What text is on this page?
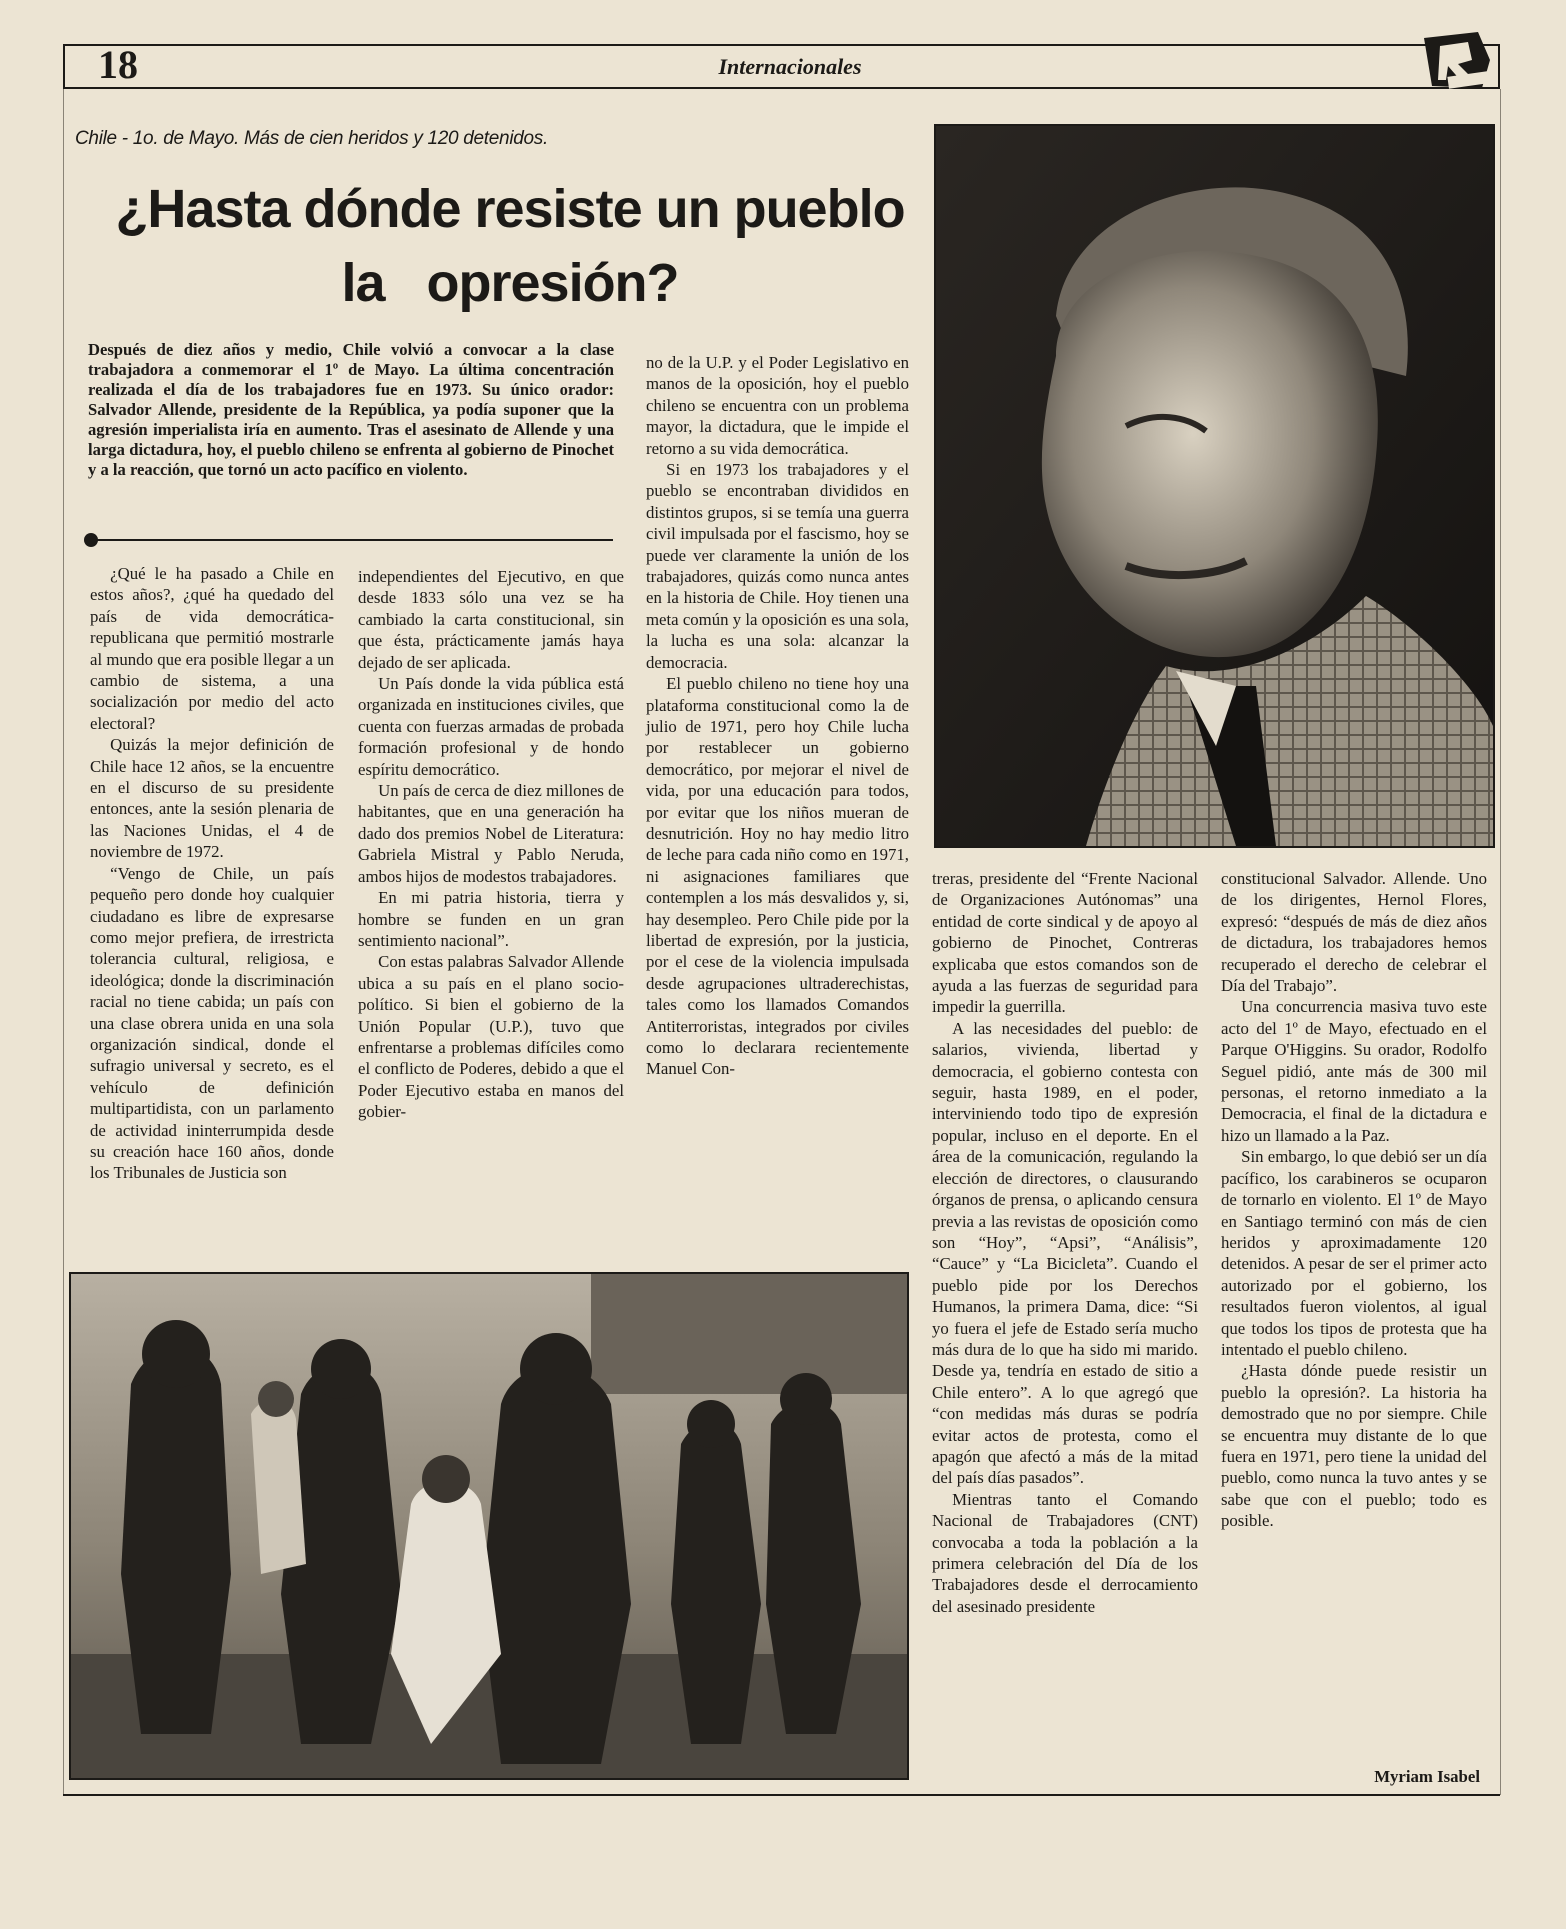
18	Internacionales
Chile - 1o. de Mayo. Más de cien heridos y 120 detenidos.
¿Hasta dónde resiste un pueblo
la   opresión?

Después de diez años y medio, Chile volvió a convocar a la clase trabajadora a conmemorar el 1º de Mayo. La última concentración realizada el día de los trabajadores fue en 1973. Su único orador: Salvador Allende, presidente de la República, ya podía suponer que la agresión imperialista iría en aumento. Tras el asesinato de Allende y una larga dictadura, hoy, el pueblo chileno se enfrenta al gobierno de Pinochet y a la reacción, que tornó un acto pacífico en violento.

¿Qué le ha pasado a Chile en estos años?, ¿qué ha quedado del país de vida democrática-republicana que permitió mostrarle al mundo que era posible llegar a un cambio de sistema, a una socialización por medio del acto electoral?

Quizás la mejor definición de Chile hace 12 años, se la encuentre en el discurso de su presidente entonces, ante la sesión plenaria de las Naciones Unidas, el 4 de noviembre de 1972.

“Vengo de Chile, un país pequeño pero donde hoy cualquier ciudadano es libre de expresarse como mejor prefiera, de irrestricta tolerancia cultural, religiosa, e ideológica; donde la discriminación racial no tiene cabida; un país con una clase obrera unida en una sola organización sindical, donde el sufragio universal y secreto, es el vehículo de definición multipartidista, con un parlamento de actividad ininterrumpida desde su creación hace 160 años, donde los Tribunales de Justicia son

independientes del Ejecutivo, en que desde 1833 sólo una vez se ha cambiado la carta constitucional, sin que ésta, prácticamente jamás haya dejado de ser aplicada.

Un País donde la vida pública está organizada en instituciones civiles, que cuenta con fuerzas armadas de probada formación profesional y de hondo espíritu democrático.

Un país de cerca de diez millones de habitantes, que en una generación ha dado dos premios Nobel de Literatura: Gabriela Mistral y Pablo Neruda, ambos hijos de modestos trabajadores.

En mi patria historia, tierra y hombre se funden en un gran sentimiento nacional”.

Con estas palabras Salvador Allende ubica a su país en el plano socio-político. Si bien el gobierno de la Unión Popular (U.P.), tuvo que enfrentarse a problemas difíciles como el conflicto de Poderes, debido a que el Poder Ejecutivo estaba en manos del gobier-

no de la U.P. y el Poder Legislativo en manos de la oposición, hoy el pueblo chileno se encuentra con un problema mayor, la dictadura, que le impide el retorno a su vida democrática.

Si en 1973 los trabajadores y el pueblo se encontraban divididos en distintos grupos, si se temía una guerra civil impulsada por el fascismo, hoy se puede ver claramente la unión de los trabajadores, quizás como nunca antes en la historia de Chile. Hoy tienen una meta común y la oposición es una sola, la lucha es una sola: alcanzar la democracia.

El pueblo chileno no tiene hoy una plataforma constitucional como la de julio de 1971, pero hoy Chile lucha por restablecer un gobierno democrático, por mejorar el nivel de vida, por una educación para todos, por evitar que los niños mueran de desnutrición. Hoy no hay medio litro de leche para cada niño como en 1971, ni asignaciones familiares que contemplen a los más desvalidos y, si, hay desempleo. Pero Chile pide por la libertad de expresión, por la justicia, por el cese de la violencia impulsada desde agrupaciones ultraderechistas, tales como los llamados Comandos Antiterroristas, integrados por civiles como lo declarara recientemente Manuel Con-

treras, presidente del “Frente Nacional de Organizaciones Autónomas” una entidad de corte sindical y de apoyo al gobierno de Pinochet, Contreras explicaba que estos comandos son de ayuda a las fuerzas de seguridad para impedir la guerrilla.

A las necesidades del pueblo: de salarios, vivienda, libertad y democracia, el gobierno contesta con seguir, hasta 1989, en el poder, interviniendo todo tipo de expresión popular, incluso en el deporte. En el área de la comunicación, regulando la elección de directores, o clausurando órganos de prensa, o aplicando censura previa a las revistas de oposición como son “Hoy”, “Apsi”, “Análisis”, “Cauce” y “La Bicicleta”. Cuando el pueblo pide por los Derechos Humanos, la primera Dama, dice: “Si yo fuera el jefe de Estado sería mucho más dura de lo que ha sido mi marido. Desde ya, tendría en estado de sitio a Chile entero”. A lo que agregó que “con medidas más duras se podría evitar actos de protesta, como el apagón que afectó a más de la mitad del país días pasados”.

Mientras tanto el Comando Nacional de Trabajadores (CNT) convocaba a toda la población a la primera celebración del Día de los Trabajadores desde el derrocamiento del asesinado presidente

constitucional Salvador. Allende. Uno de los dirigentes, Hernol Flores, expresó: “después de más de diez años de dictadura, los trabajadores hemos recuperado el derecho de celebrar el Día del Trabajo”.

Una concurrencia masiva tuvo este acto del 1º de Mayo, efectuado en el Parque O'Higgins. Su orador, Rodolfo Seguel pidió, ante más de 300 mil personas, el retorno inmediato a la Democracia, el final de la dictadura e hizo un llamado a la Paz.

Sin embargo, lo que debió ser un día pacífico, los carabineros se ocuparon de tornarlo en violento. El 1º de Mayo en Santiago terminó con más de cien heridos y aproximadamente 120 detenidos. A pesar de ser el primer acto autorizado por el gobierno, los resultados fueron violentos, al igual que todos los tipos de protesta que ha intentado el pueblo chileno.

¿Hasta dónde puede resistir un pueblo la opresión?. La historia ha demostrado que no por siempre. Chile se encuentra muy distante de lo que fuera en 1971, pero tiene la unidad del pueblo, como nunca la tuvo antes y se sabe que con el pueblo; todo es posible.

Myriam Isabel
